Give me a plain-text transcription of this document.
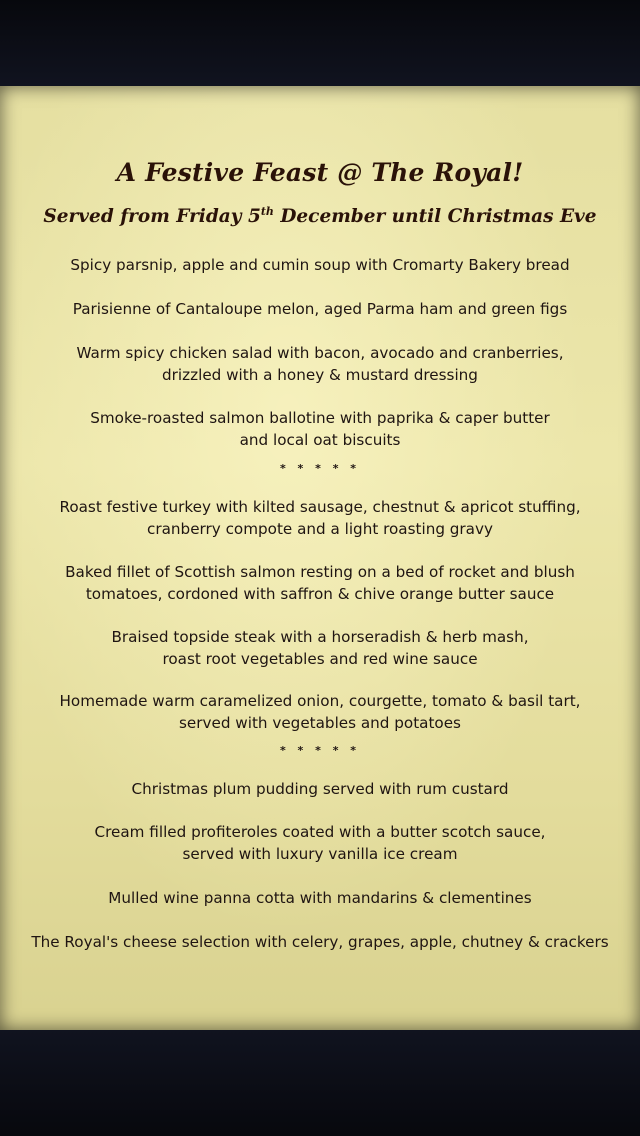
A Festive Feast @ The Royal!
Served from Friday 5th December until Christmas Eve
Spicy parsnip, apple and cumin soup with Cromarty Bakery bread
Parisienne of Cantaloupe melon, aged Parma ham and green figs
Warm spicy chicken salad with bacon, avocado and cranberries,
drizzled with a honey & mustard dressing
Smoke-roasted salmon ballotine with paprika & caper butter
and local oat biscuits
* * * * *
Roast festive turkey with kilted sausage, chestnut & apricot stuffing,
cranberry compote and a light roasting gravy
Baked fillet of Scottish salmon resting on a bed of rocket and blush
tomatoes, cordoned with saffron & chive orange butter sauce
Braised topside steak with a horseradish & herb mash,
roast root vegetables and red wine sauce
Homemade warm caramelized onion, courgette, tomato & basil tart,
served with vegetables and potatoes
* * * * *
Christmas plum pudding served with rum custard
Cream filled profiteroles coated with a butter scotch sauce,
served with luxury vanilla ice cream
Mulled wine panna cotta with mandarins & clementines
The Royal's cheese selection with celery, grapes, apple, chutney & crackers
